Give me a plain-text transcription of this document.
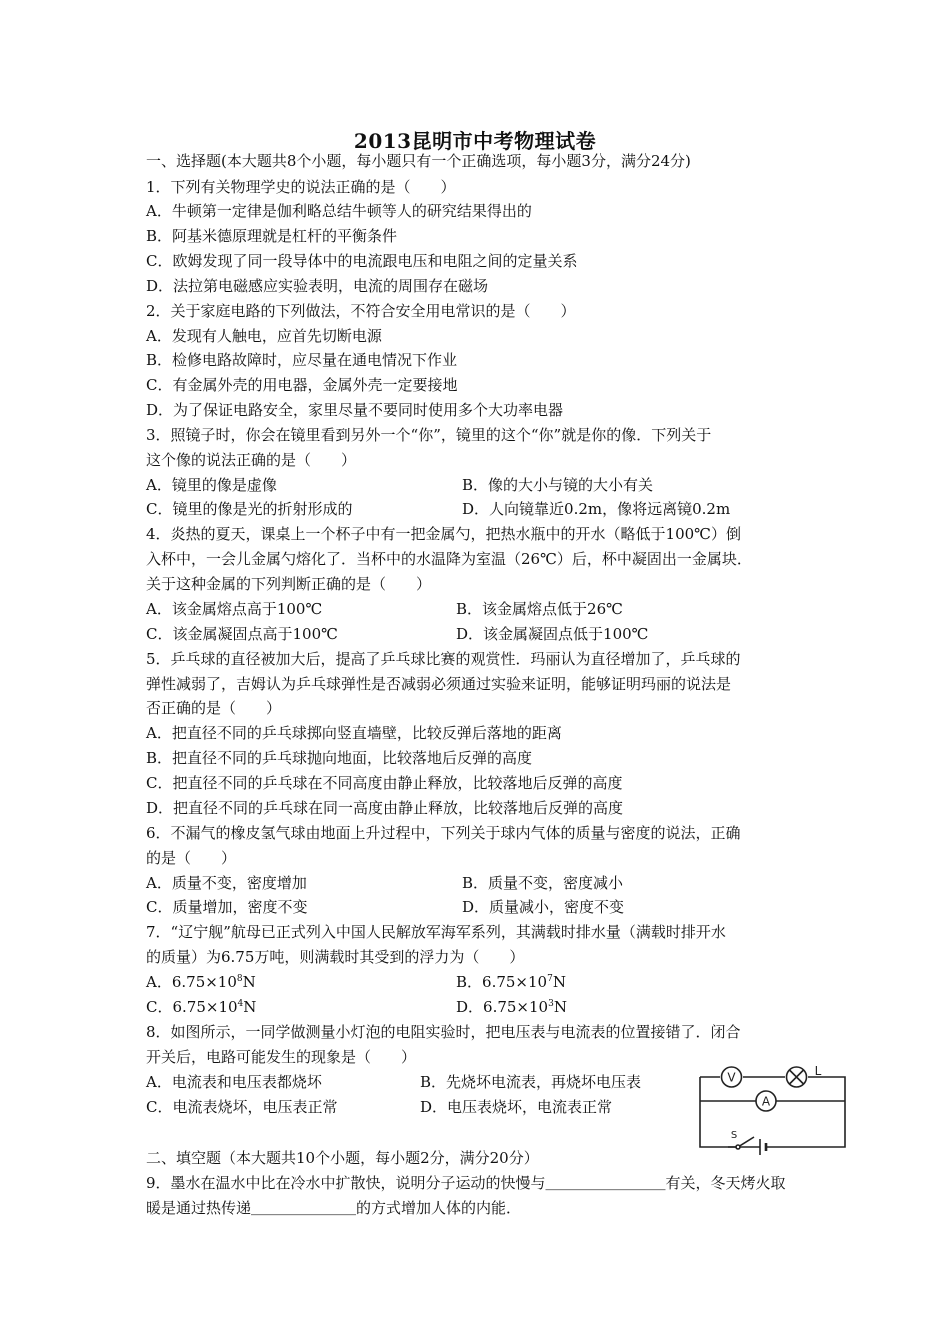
2013昆明市中考物理试卷
一、选择题(本大题共8个小题，每小题只有一个正确选项，每小题3分，满分24分)
1．下列有关物理学史的说法正确的是（　　）
A．牛顿第一定律是伽利略总结牛顿等人的研究结果得出的
B．阿基米德原理就是杠杆的平衡条件
C．欧姆发现了同一段导体中的电流跟电压和电阻之间的定量关系
D．法拉第电磁感应实验表明，电流的周围存在磁场
2．关于家庭电路的下列做法，不符合安全用电常识的是（　　）
A．发现有人触电，应首先切断电源
B．检修电路故障时，应尽量在通电情况下作业
C．有金属外壳的用电器，金属外壳一定要接地
D．为了保证电路安全，家里尽量不要同时使用多个大功率电器
3．照镜子时，你会在镜里看到另外一个“你”，镜里的这个“你”就是你的像．下列关于
这个像的说法正确的是（　　）
A．镜里的像是虚像	B．像的大小与镜的大小有关
C．镜里的像是光的折射形成的	D．人向镜靠近0.2m，像将远离镜0.2m
4．炎热的夏天，课桌上一个杯子中有一把金属勺，把热水瓶中的开水（略低于100℃）倒
入杯中，一会儿金属勺熔化了．当杯中的水温降为室温（26℃）后，杯中凝固出一金属块．
关于这种金属的下列判断正确的是（　　）
A．该金属熔点高于100℃	B．该金属熔点低于26℃
C．该金属凝固点高于100℃	D．该金属凝固点低于100℃
5．乒乓球的直径被加大后，提高了乒乓球比赛的观赏性．玛丽认为直径增加了，乒乓球的
弹性减弱了，吉姆认为乒乓球弹性是否减弱必须通过实验来证明，能够证明玛丽的说法是
否正确的是（　　）
A．把直径不同的乒乓球掷向竖直墙壁，比较反弹后落地的距离
B．把直径不同的乒乓球抛向地面，比较落地后反弹的高度
C．把直径不同的乒乓球在不同高度由静止释放，比较落地后反弹的高度
D．把直径不同的乒乓球在同一高度由静止释放，比较落地后反弹的高度
6．不漏气的橡皮氢气球由地面上升过程中，下列关于球内气体的质量与密度的说法，正确
的是（　　）
A．质量不变，密度增加	B．质量不变，密度减小
C．质量增加，密度不变	D．质量减小，密度不变
7．“辽宁舰”航母已正式列入中国人民解放军海军系列，其满载时排水量（满载时排开水
的质量）为6.75万吨，则满载时其受到的浮力为（　　）
A．$6.75\times 10^8N$	B．$6.75\times 10^7N$
C．$6.75\times 10^4N$	D．$6.75\times 10^3N$
8．如图所示，一同学做测量小灯泡的电阻实验时，把电压表与电流表的位置接错了．闭合
开关后，电路可能发生的现象是（　　）
A．电流表和电压表都烧坏	B．先烧坏电流表，再烧坏电压表
C．电流表烧坏，电压表正常	D．电压表烧坏，电流表正常
V
A
L
S
二、填空题（本大题共10个小题，每小题2分，满分20分）
9．墨水在温水中比在冷水中扩散快，说明分子运动的快慢与＿＿＿＿＿＿＿＿有关，冬天烤火取
暖是通过热传递＿＿＿＿＿＿＿的方式增加人体的内能．
